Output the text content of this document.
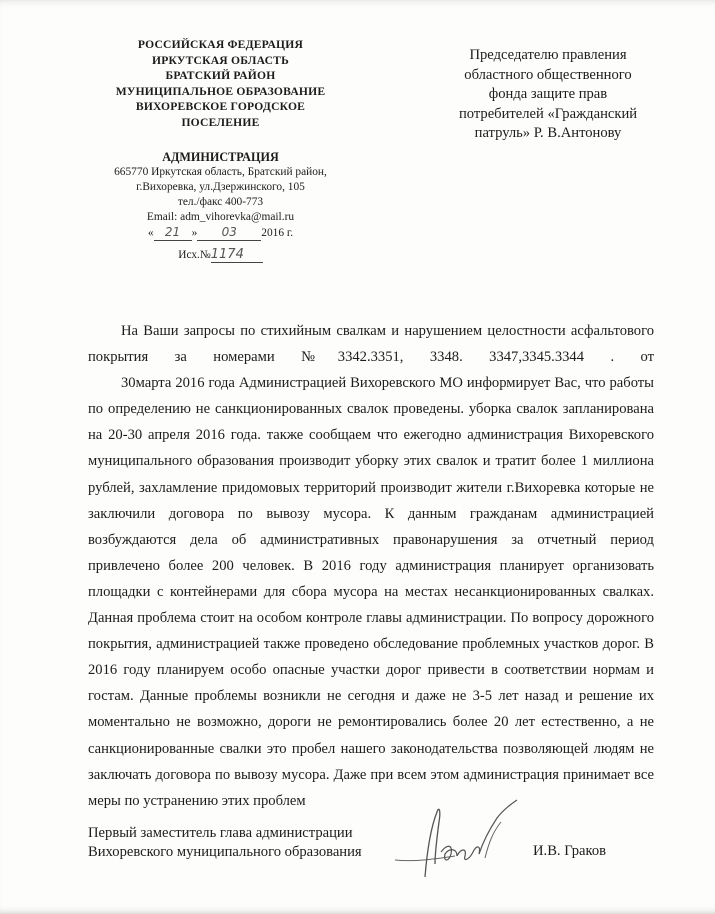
РОССИЙСКАЯ ФЕДЕРАЦИЯ
ИРКУТСКАЯ ОБЛАСТЬ
БРАТСКИЙ РАЙОН
МУНИЦИПАЛЬНОЕ ОБРАЗОВАНИЕ
ВИХОРЕВСКОЕ ГОРОДСКОЕ
ПОСЕЛЕНИЕ
АДМИНИСТРАЦИЯ
665770 Иркутская область, Братский район,
г.Вихоревка, ул.Дзержинского, 105
тел./факс 400-773
Email: adm_vihorevka@mail.ru
« 21 » 03 2016 г.
Исх.№1174
Председателю правления
областного общественного
фонда защите прав
потребителей «Гражданский
патруль» Р. В.Антонову

На Ваши запросы по стихийным свалкам и нарушением целостности асфальтового покрытия за номерами №3342.3351, 3348. 3347,3345.3344 . от

30марта 2016 года Администрацией Вихоревского МО информирует Вас, что работы по определению не санкционированных свалок проведены. уборка свалок запланирована на 20-30 апреля 2016 года. также сообщаем что ежегодно администрация Вихоревского муниципального образования производит уборку этих свалок и тратит более 1 миллиона рублей, захламление придомовых территорий производит жители г.Вихоревка которые не заключили договора по вывозу мусора. К данным гражданам администрацией возбуждаются дела об административных правонарушения за отчетный период привлечено более 200 человек. В 2016 году администрация планирует организовать площадки с контейнерами для сбора мусора на местах несанкционированных свалках. Данная проблема стоит на особом контроле главы администрации. По вопросу дорожного покрытия, администрацией также проведено обследование проблемных участков дорог. В 2016 году планируем особо опасные участки дорог привести в соответствии нормам и гостам. Данные проблемы возникли не сегодня и даже не 3-5 лет назад и решение их моментально не возможно, дороги не ремонтировались более 20 лет естественно, а не санкционированные свалки это пробел нашего законодательства позволяющей людям не заключать договора по вывозу мусора. Даже при всем этом администрация принимает все меры по устранению этих проблем

Первый заместитель глава администрации
Вихоревского муниципального образования	И.В. Граков
